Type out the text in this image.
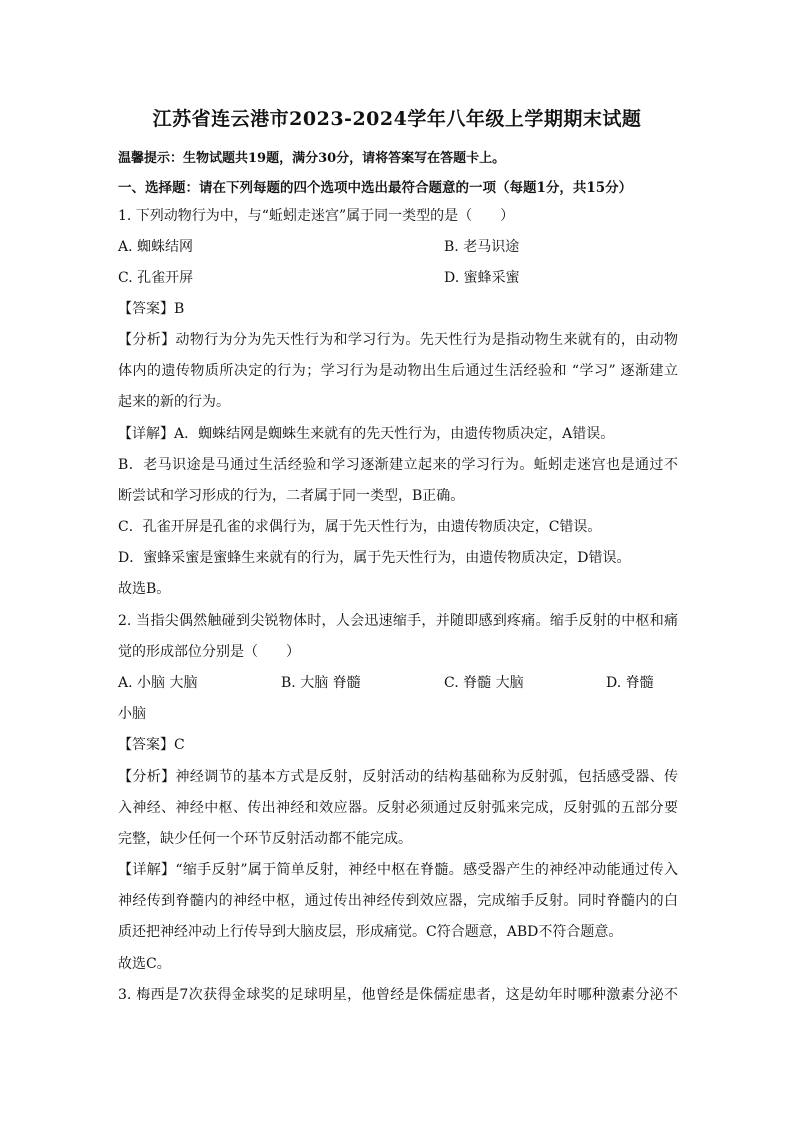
江苏省连云港市2023-2024学年八年级上学期期末试题
温馨提示：生物试题共19题，满分30分，请将答案写在答题卡上。
一、选择题：请在下列每题的四个选项中选出最符合题意的一项（每题1分，共15分）
1. 下列动物行为中，与“蚯蚓走迷宫”属于同一类型的是（　　）
A. 蜘蛛结网	B. 老马识途
C. 孔雀开屏	D. 蜜蜂采蜜
【答案】B
【分析】动物行为分为先天性行为和学习行为。先天性行为是指动物生来就有的，由动物
体内的遗传物质所决定的行为；学习行为是动物出生后通过生活经验和 “学习” 逐渐建立
起来的新的行为。
【详解】A．蜘蛛结网是蜘蛛生来就有的先天性行为，由遗传物质决定，A错误。
B．老马识途是马通过生活经验和学习逐渐建立起来的学习行为。蚯蚓走迷宫也是通过不
断尝试和学习形成的行为，二者属于同一类型，B正确。
C．孔雀开屏是孔雀的求偶行为，属于先天性行为，由遗传物质决定，C错误。
D．蜜蜂采蜜是蜜蜂生来就有的行为，属于先天性行为，由遗传物质决定，D错误。
故选B。
2. 当指尖偶然触碰到尖锐物体时，人会迅速缩手，并随即感到疼痛。缩手反射的中枢和痛
觉的形成部位分别是（　　）
A. 小脑 大脑	B. 大脑 脊髓	C. 脊髓 大脑	D. 脊髓
小脑
【答案】C
【分析】神经调节的基本方式是反射，反射活动的结构基础称为反射弧，包括感受器、传
入神经、神经中枢、传出神经和效应器。反射必须通过反射弧来完成，反射弧的五部分要
完整，缺少任何一个环节反射活动都不能完成。
【详解】“缩手反射”属于简单反射，神经中枢在脊髓。感受器产生的神经冲动能通过传入
神经传到脊髓内的神经中枢，通过传出神经传到效应器，完成缩手反射。同时脊髓内的白
质还把神经冲动上行传导到大脑皮层，形成痛觉。C符合题意，ABD不符合题意。
故选C。
3. 梅西是7次获得金球奖的足球明星，他曾经是侏儒症患者，这是幼年时哪种激素分泌不
